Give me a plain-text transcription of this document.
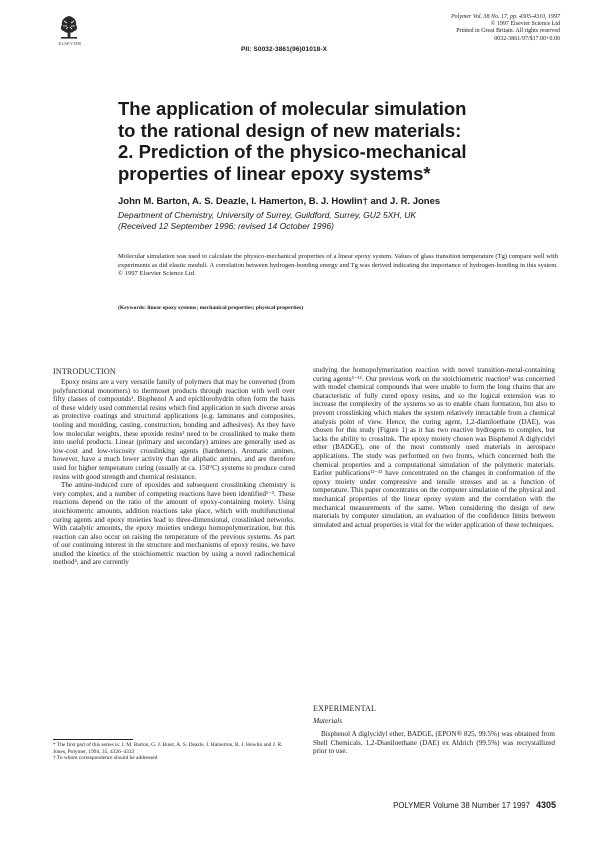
ELSEVIER
PII: S0032-3861(96)01018-X
Polymer Vol. 38 No. 17, pp. 4305-4310, 1997
© 1997 Elsevier Science Ltd
Printed in Great Britain. All rights reserved
0032-3861/97/$17.00+0.00
The application of molecular simulation
to the rational design of new materials:
2. Prediction of the physico-mechanical
properties of linear epoxy systems*
John M. Barton, A. S. Deazle, I. Hamerton, B. J. Howlin† and J. R. Jones
Department of Chemistry, University of Surrey, Guildford, Surrey, GU2 5XH, UK
(Received 12 September 1996; revised 14 October 1996)
Molecular simulation was used to calculate the physico-mechanical properties of a linear epoxy system. Values of glass transition temperature (Tg) compare well with experiments as did elastic moduli. A correlation between hydrogen-bonding energy and Tg was derived indicating the importance of hydrogen-bonding in this system. © 1997 Elsevier Science Ltd.
(Keywords: linear epoxy systems; mechanical properties; physical properties)
INTRODUCTION

Epoxy resins are a very versatile family of polymers that may be converted (from polyfunctional monomers) to thermoset products through reaction with well over fifty classes of compounds¹. Bisphenol A and epichlorohydrin often form the basis of these widely used commercial resins which find application in such diverse areas as protective coatings and structural applications (e.g. laminates and composites, tooling and moulding, casting, construction, bonding and adhesives). As they have low molecular weights, these epoxide resins² need to be crosslinked to make them into useful products. Linear (primary and secondary) amines are generally used as low-cost and low-viscosity crosslinking agents (hardeners). Aromatic amines, however, have a much lower activity than the aliphatic amines, and are therefore used for higher temperature curing (usually at ca. 150°C) systems to produce cured resins with good strength and chemical resistance.

The amine-induced cure of epoxides and subsequent crosslinking chemistry is very complex, and a number of competing reactions have been identified¹⁻³. These reactions depend on the ratio of the amount of epoxy-containing moiety. Using stoichiometric amounts, addition reactions take place, which with multifunctional curing agents and epoxy moieties lead to three-dimensional, crosslinked networks. With catalytic amounts, the epoxy moieties undergo homopolymerization, but this reaction can also occur on raising the temperature of the previous systems. As part of our continuing interest in the structure and mechanisms of epoxy resins, we have studied the kinetics of the stoichiometric reaction by using a novel radiochemical method⁴, and are currently

studying the homopolymerization reaction with novel transition-metal-containing curing agents⁵⁻¹¹. Our previous work on the stoichiometric reaction³ was concerned with model chemical compounds that were unable to form the long chains that are characteristic of fully cured epoxy resins, and so the logical extension was to increase the complexity of the systems so as to enable chain formation, but also to prevent crosslinking which makes the system relatively intractable from a chemical analysis point of view. Hence, the curing agent, 1,2-dianiloethane (DAE), was chosen for this study (Figure 1) as it has two reactive hydrogens to complex, but lacks the ability to crosslink. The epoxy moiety chosen was Bisphenol A diglycidyl ether (BADGE), one of the most commonly used materials in aerospace applications. The study was performed on two fronts, which concerned both the chemical properties and a computational simulation of the polymeric materials. Earlier publications¹²⁻¹³ have concentrated on the changes in conformation of the epoxy moiety under compressive and tensile stresses and as a function of temperature. This paper concentrates on the computer simulation of the physical and mechanical properties of the linear epoxy system and the correlation with the mechanical measurements of the same. When considering the design of new materials by computer simulation, an evaluation of the confidence limits between simulated and actual properties is vital for the wider application of these techniques.

EXPERIMENTAL
Materials

Bisphenol A diglycidyl ether, BADGE, (EPON® 825, 99.5%) was obtained from Shell Chemicals. 1,2-Dianiloethane (DAE) ex Aldrich (99.5%) was recrystallized prior to use.

* The first part of this series is: J. M. Barton, G. J. Buist, A. S. Deazle, I. Hamerton, B. J. Howlin and J. R. Jones, Polymer, 1994, 35, 4326–4333
† To whom correspondence should be addressed
POLYMER Volume 38 Number 17 1997 4305
